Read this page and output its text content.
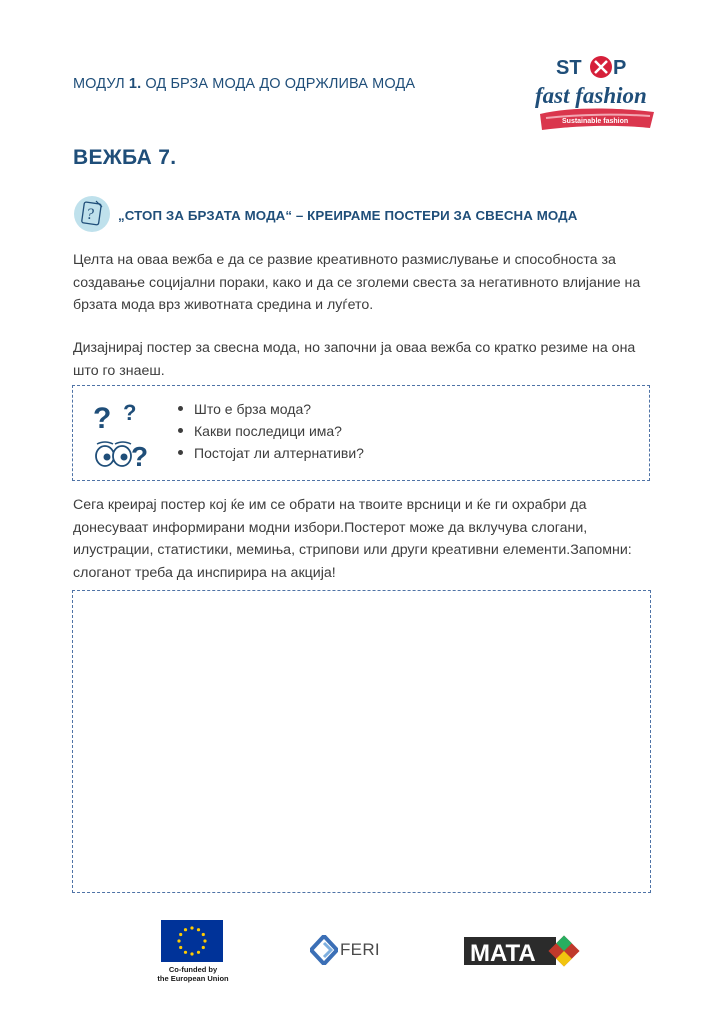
МОДУЛ 1. ОД БРЗА МОДА ДО ОДРЖЛИВА МОДА
ST P
fast fashion
Sustainable fashion
ВЕЖБА 7.
? „СТОП ЗА БРЗАТА МОДА“ – КРЕИРАМЕ ПОСТЕРИ ЗА СВЕСНА МОДА
Целта на оваа вежба е да се развие креативното размислување и способноста за создавање социјални пораки, како и да се зголеми свеста за негативното влијание на брзата мода врз животната средина и луѓето.
Дизајнирај постер за свесна мода, но започни ја оваа вежба со кратко резиме на она што го знаеш.
? ?
?
Што е брза мода?
Какви последици има?
Постојат ли алтернативи?
Сега креирај постер кој ќе им се обрати на твоите врсници и ќе ги охрабри да донесуваат информирани модни избори.Постерот може да вклучува слогани, илустрации, статистики, мемиња, стрипови или други креативни елементи.Запомни: слоганот треба да инспирира на акција!
Co-funded by
the European Union
FERI	MATA
